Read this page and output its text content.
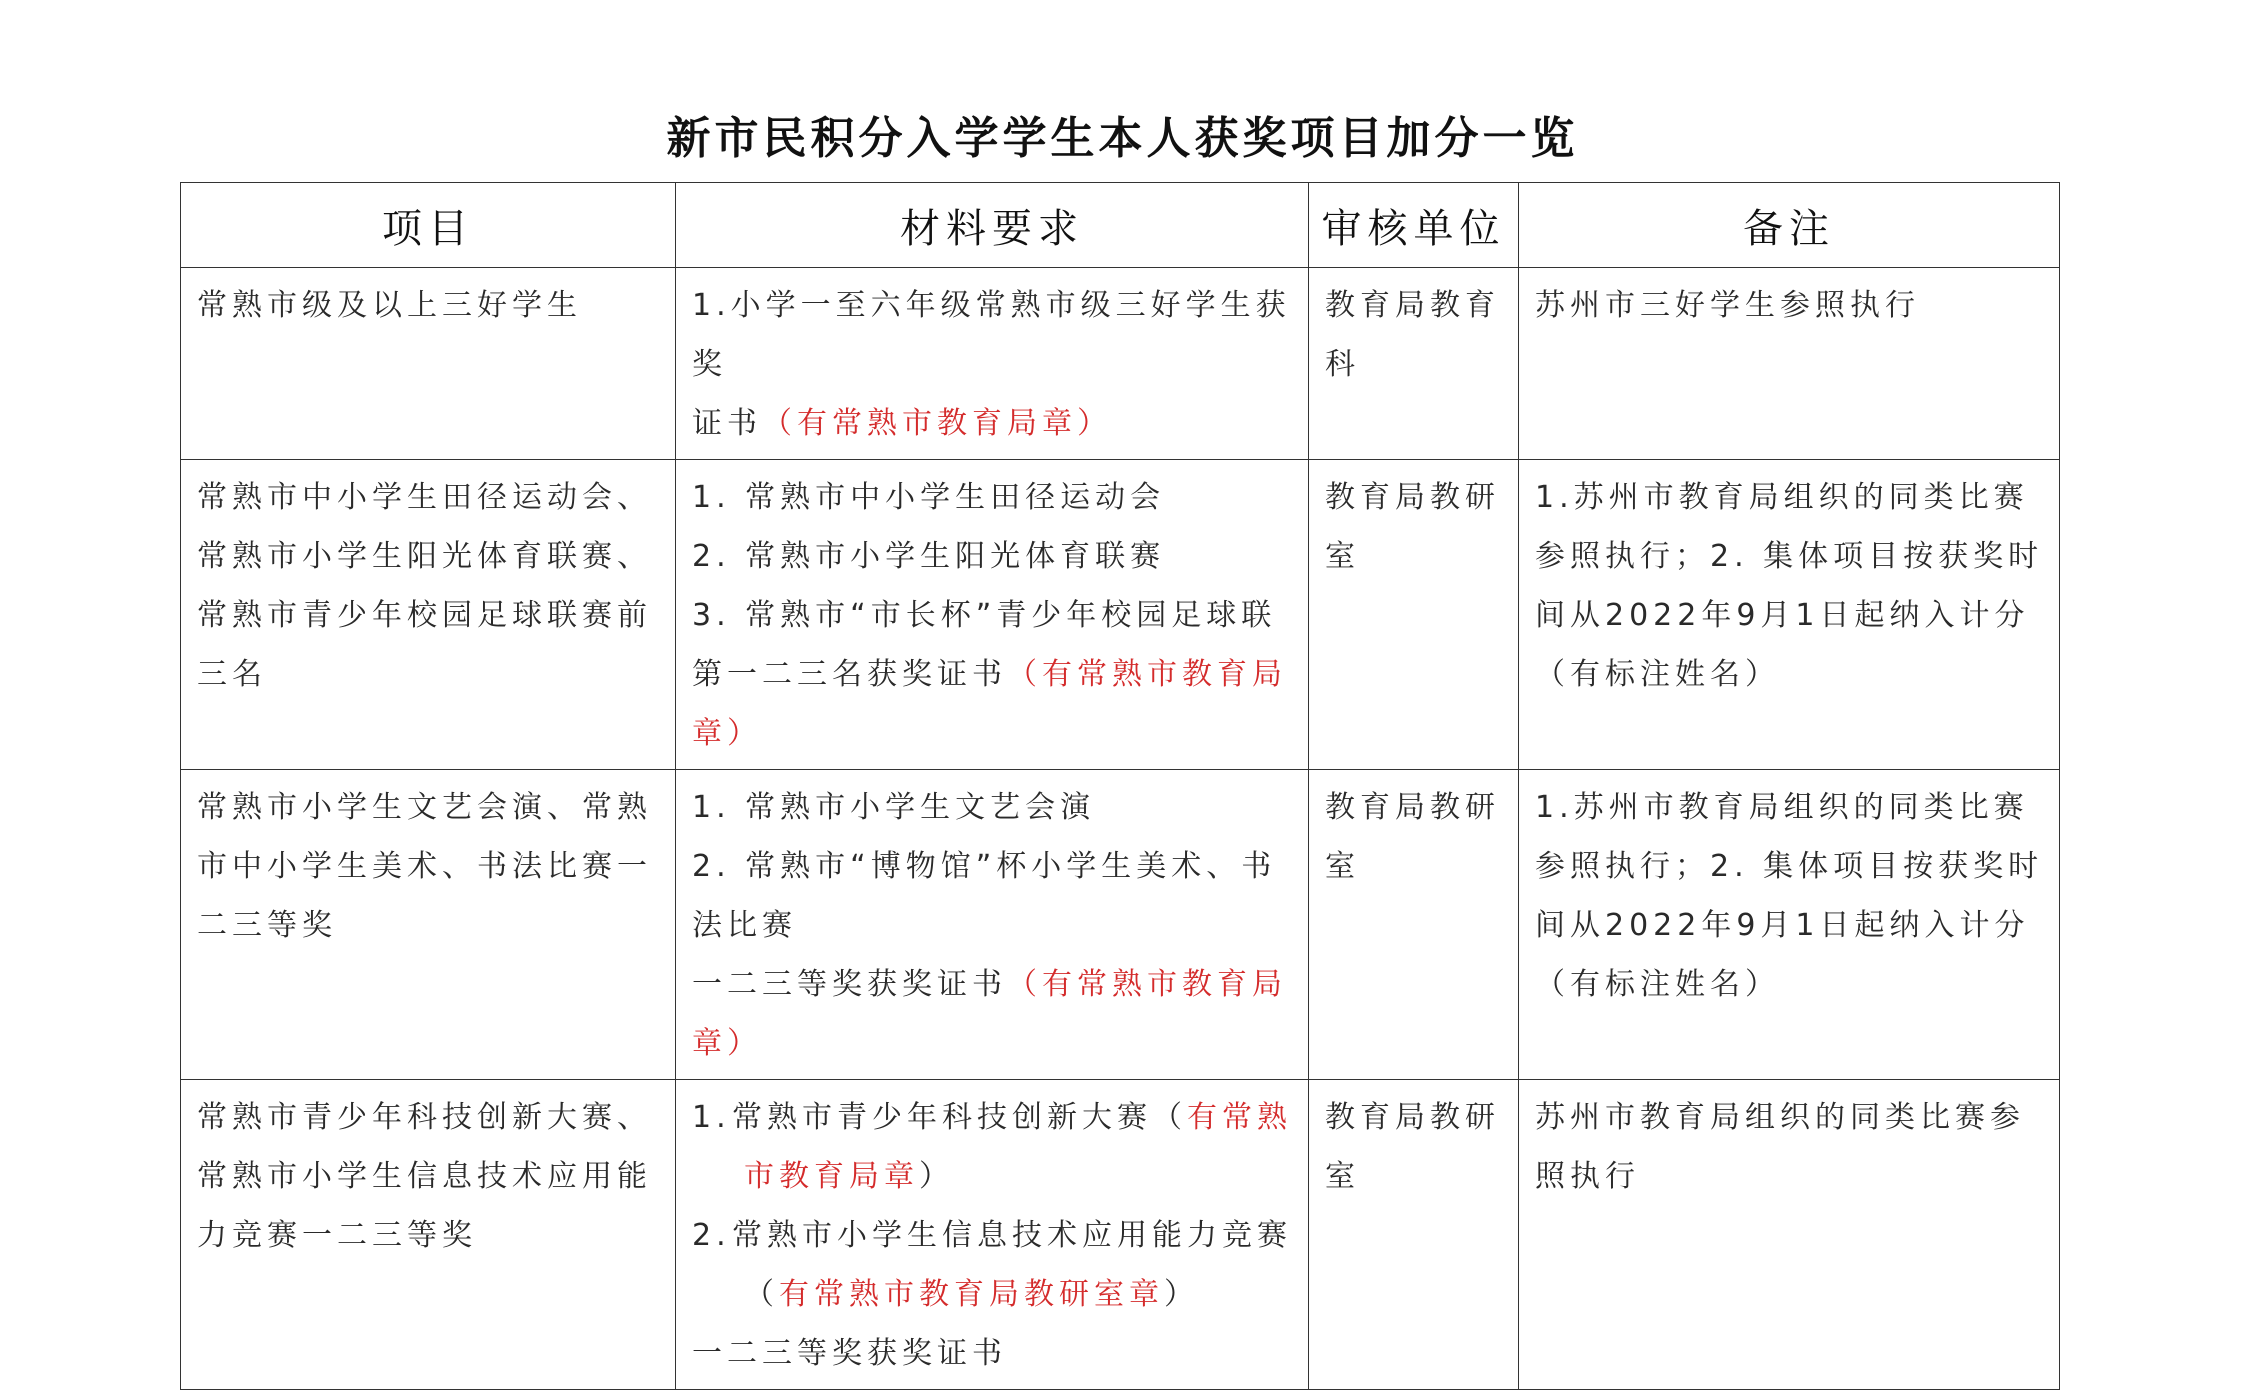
新市民积分入学学生本人获奖项目加分一览
项目	材料要求	审核单位	备注

常熟市级及以上三好学生	1.小学一至六年级常熟市级三好学生获奖
证书（有常熟市教育局章）	教育局教育科	苏州市三好学生参照执行

常熟市中小学生田径运动会、常熟市小学生阳光体育联赛、常熟市青少年校园足球联赛前三名	1. 常熟市中小学生田径运动会
2. 常熟市小学生阳光体育联赛
3. 常熟市“市长杯”青少年校园足球联
第一二三名获奖证书（有常熟市教育局章）	教育局教研室	1.苏州市教育局组织的同类比赛参照执行；2. 集体项目按获奖时间从2022年9月1日起纳入计分（有标注姓名）

常熟市小学生文艺会演、常熟市中小学生美术、书法比赛一二三等奖	1. 常熟市小学生文艺会演
2. 常熟市“博物馆”杯小学生美术、书法比赛
一二三等奖获奖证书（有常熟市教育局章）	教育局教研室	1.苏州市教育局组织的同类比赛参照执行；2. 集体项目按获奖时间从2022年9月1日起纳入计分（有标注姓名）

常熟市青少年科技创新大赛、常熟市小学生信息技术应用能力竞赛一二三等奖	1.常熟市青少年科技创新大赛（有常熟市教育局章）
2.常熟市小学生信息技术应用能力竞赛（有常熟市教育局教研室章）
一二三等奖获奖证书	教育局教研室	苏州市教育局组织的同类比赛参照执行
